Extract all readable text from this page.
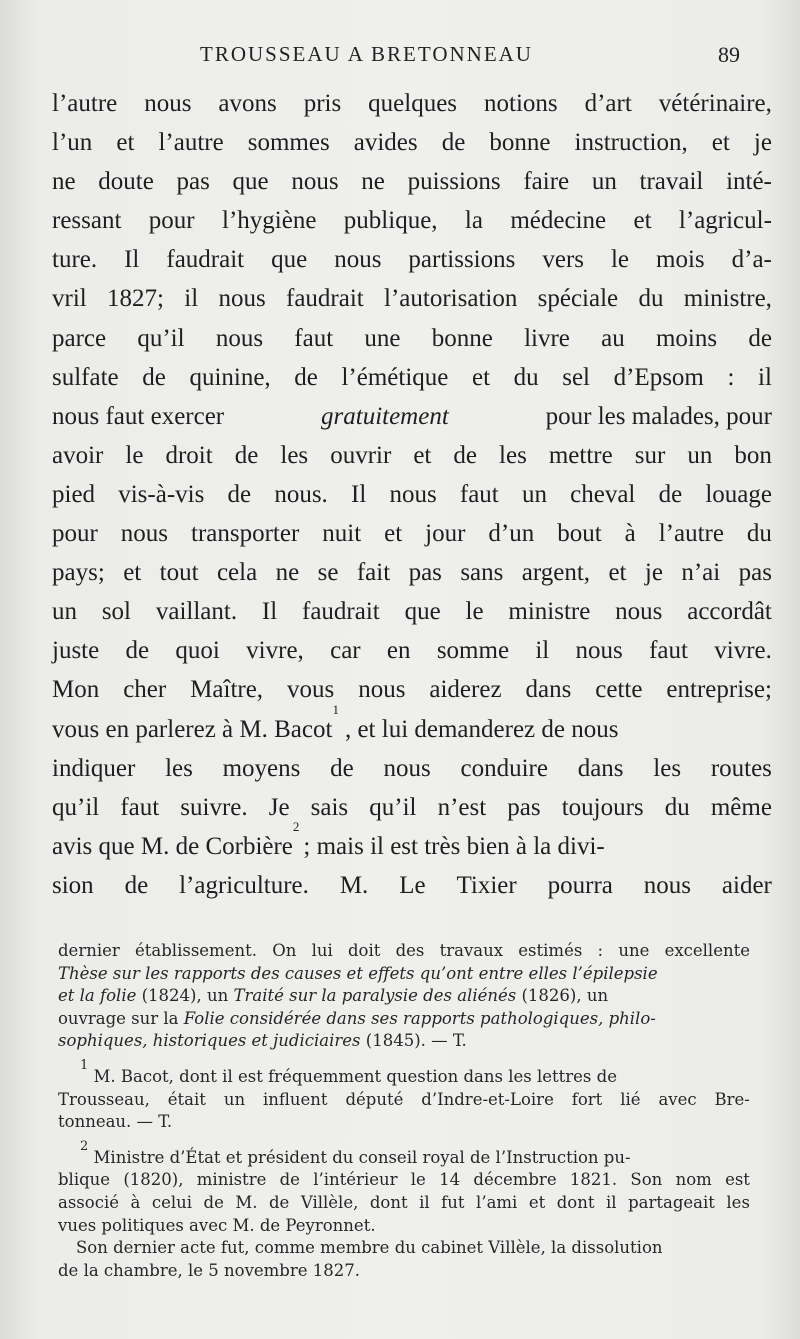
TROUSSEAU A BRETONNEAU	89
l’autre nous avons pris quelques notions d’art vétérinaire,
l’un et l’autre sommes avides de bonne instruction, et je
ne doute pas que nous ne puissions faire un travail inté-
ressant pour l’hygiène publique, la médecine et l’agricul-
ture. Il faudrait que nous partissions vers le mois d’a-
vril 1827; il nous faudrait l’autorisation spéciale du ministre,
parce qu’il nous faut une bonne livre au moins de
sulfate de quinine, de l’émétique et du sel d’Epsom : il
nous faut exercer	gratuitement	pour les malades, pour
avoir le droit de les ouvrir et de les mettre sur un bon
pied vis-à-vis de nous. Il nous faut un cheval de louage
pour nous transporter nuit et jour d’un bout à l’autre du
pays; et tout cela ne se fait pas sans argent, et je n’ai pas
un sol vaillant. Il faudrait que le ministre nous accordât
juste de quoi vivre, car en somme il nous faut vivre.
Mon cher Maître, vous nous aiderez dans cette entreprise;
vous en parlerez à M. Bacot
1
, et lui demanderez de nous
indiquer les moyens de nous conduire dans les routes
qu’il faut suivre. Je sais qu’il n’est pas toujours du même
avis que M. de Corbière
2
; mais il est très bien à la divi-
sion de l’agriculture. M. Le Tixier pourra nous aider
dernier établissement. On lui doit des travaux estimés : une excellente
Thèse sur les rapports des causes et effets qu’ont entre elles l’épilepsie
et la folie (1824), un Traité sur la paralysie des aliénés (1826), un
ouvrage sur la Folie considérée dans ses rapports pathologiques, philo-
sophiques, historiques et judiciaires (1845). — T.
1
M. Bacot, dont il est fréquemment question dans les lettres de
Trousseau, était un influent député d’Indre-et-Loire fort lié avec Bre-
tonneau. — T.
2
Ministre d’État et président du conseil royal de l’Instruction pu-
blique (1820), ministre de l’intérieur le 14 décembre 1821. Son nom est
associé à celui de M. de Villèle, dont il fut l’ami et dont il partageait les
vues politiques avec M. de Peyronnet.
Son dernier acte fut, comme membre du cabinet Villèle, la dissolution
de la chambre, le 5 novembre 1827.
